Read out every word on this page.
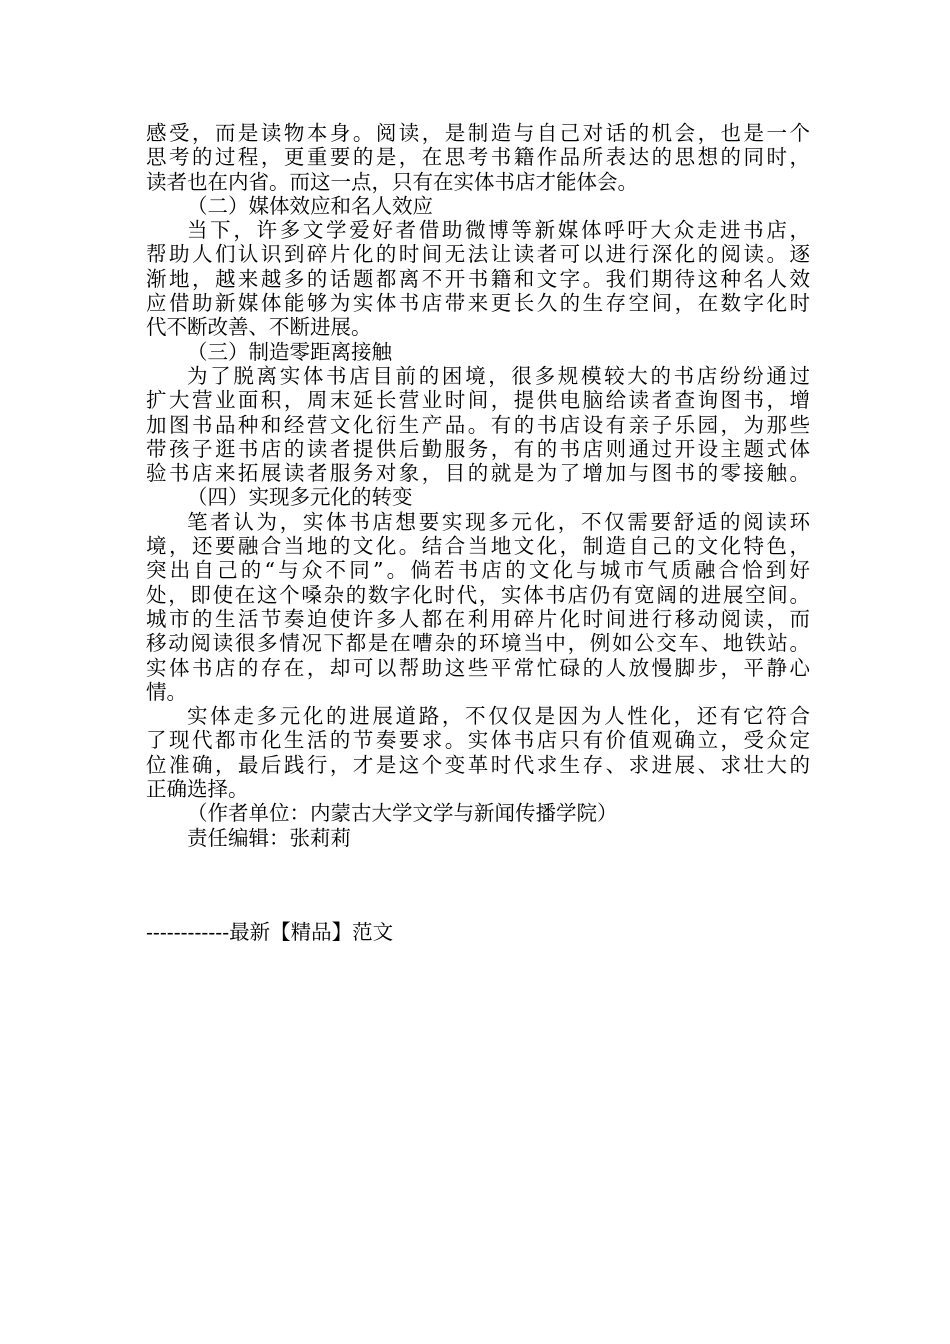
感受，而是读物本身。阅读，是制造与自己对话的机会，也是一个
思考的过程，更重要的是，在思考书籍作品所表达的思想的同时，
读者也在内省。而这一点，只有在实体书店才能体会。
（二）媒体效应和名人效应
当下，许多文学爱好者借助微博等新媒体呼吁大众走进书店，
帮助人们认识到碎片化的时间无法让读者可以进行深化的阅读。逐
渐地，越来越多的话题都离不开书籍和文字。我们期待这种名人效
应借助新媒体能够为实体书店带来更长久的生存空间，在数字化时
代不断改善、不断进展。
（三）制造零距离接触
为了脱离实体书店目前的困境，很多规模较大的书店纷纷通过
扩大营业面积，周末延长营业时间，提供电脑给读者查询图书，增
加图书品种和经营文化衍生产品。有的书店设有亲子乐园，为那些
带孩子逛书店的读者提供后勤服务，有的书店则通过开设主题式体
验书店来拓展读者服务对象，目的就是为了增加与图书的零接触。
（四）实现多元化的转变
笔者认为，实体书店想要实现多元化，不仅需要舒适的阅读环
境，还要融合当地的文化。结合当地文化，制造自己的文化特色，
突出自己的“与众不同”。倘若书店的文化与城市气质融合恰到好
处，即使在这个嗓杂的数字化时代，实体书店仍有宽阔的进展空间。
城市的生活节奏迫使许多人都在利用碎片化时间进行移动阅读，而
移动阅读很多情况下都是在嘈杂的环境当中，例如公交车、地铁站。
实体书店的存在，却可以帮助这些平常忙碌的人放慢脚步，平静心
情。
实体走多元化的进展道路，不仅仅是因为人性化，还有它符合
了现代都市化生活的节奏要求。实体书店只有价值观确立，受众定
位准确，最后践行，才是这个变革时代求生存、求进展、求壮大的
正确选择。
（作者单位：内蒙古大学文学与新闻传播学院）
责任编辑：张莉莉
------------最新【精品】范文
